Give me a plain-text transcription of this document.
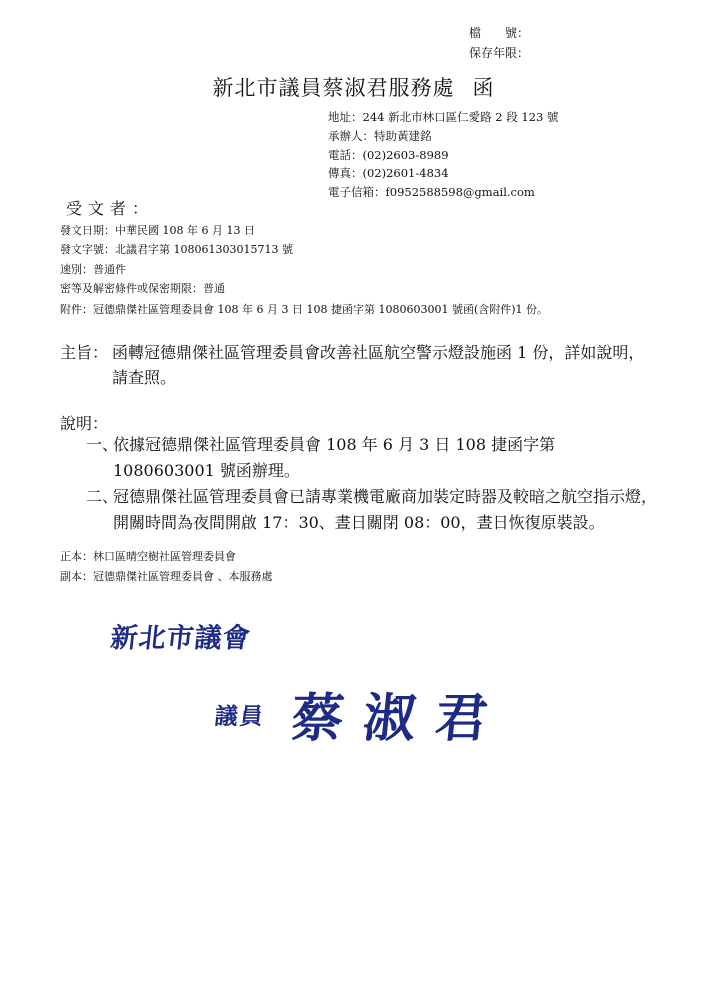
檔　　號：
保存年限：
新北市議員蔡淑君服務處 函
地址：244 新北市林口區仁愛路 2 段 123 號
承辦人：特助黃建銘
電話：(02)2603-8989
傳真：(02)2601-4834
電子信箱：f0952588598@gmail.com
受文者：
發文日期：中華民國 108 年 6 月 13 日
發文字號：北議君字第 108061303015713 號
速別：普通件
密等及解密條件或保密期限：普通
附件：冠德鼎傑社區管理委員會 108 年 6 月 3 日 108 捷函字第 1080603001 號函(含附件)1 份。
主旨： 函轉冠德鼎傑社區管理委員會改善社區航空警示燈設施函 1 份，詳如說明，請查照。
說明：
一、
依據冠德鼎傑社區管理委員會 108 年 6 月 3 日 108 捷函字第 1080603001 號函辦理。
二、
冠德鼎傑社區管理委員會已請專業機電廠商加裝定時器及較暗之航空指示燈，開關時間為夜間開啟 17：30、晝日關閉 08：00，晝日恢復原裝設。
正本：林口區晴空樹社區管理委員會
副本：冠德鼎傑社區管理委員會 、本服務處
新北市議會
議員 蔡淑君
